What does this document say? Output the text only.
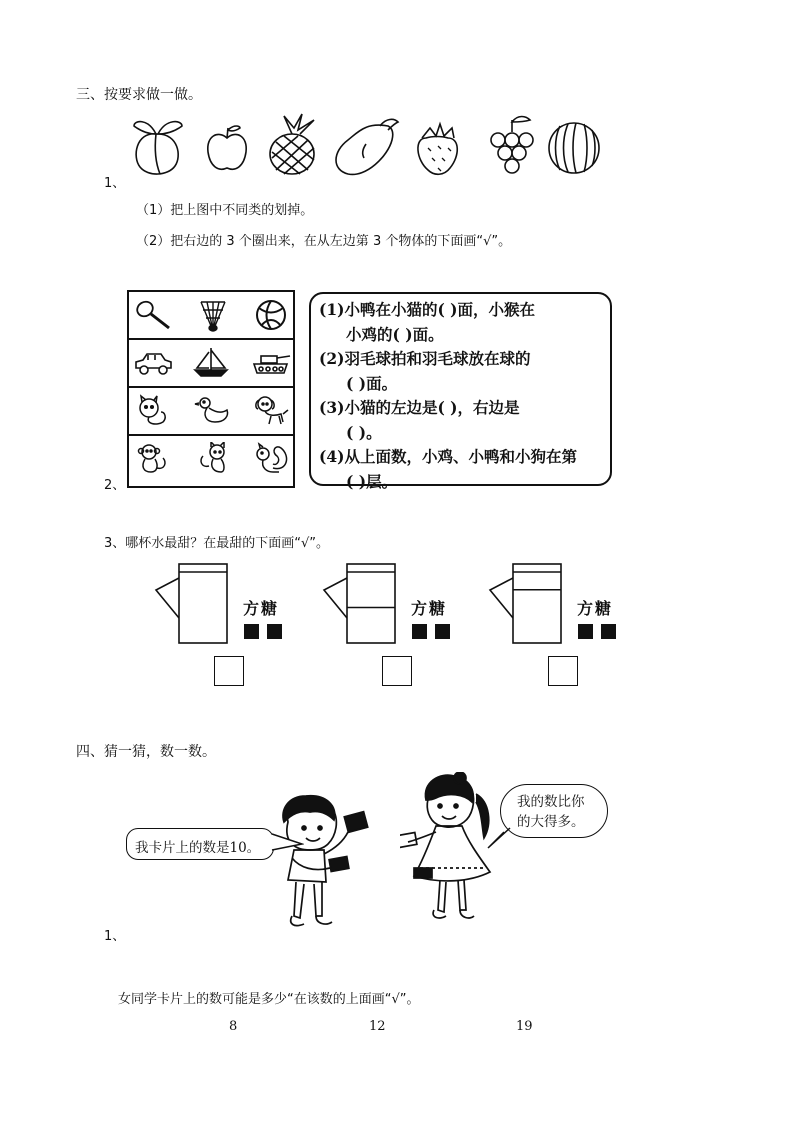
三、按要求做一做。
1、
（1）把上图中不同类的划掉。
（2）把右边的 3 个圈出来，在从左边第 3 个物体的下面画“√”。
2、
(1)小鸭在小猫的( )面，小猴在
小鸡的( )面。
(2)羽毛球拍和羽毛球放在球的
( )面。
(3)小猫的左边是( )，右边是
( )。
(4)从上面数，小鸡、小鸭和小狗在第
( )层。
3、哪杯水最甜？在最甜的下面画“√”。
方糖	方糖	方糖
四、猜一猜，数一数。
我卡片上的数是10。
我的数比你
的大得多。
1、
女同学卡片上的数可能是多少“在该数的上面画“√”。
8	12	19
